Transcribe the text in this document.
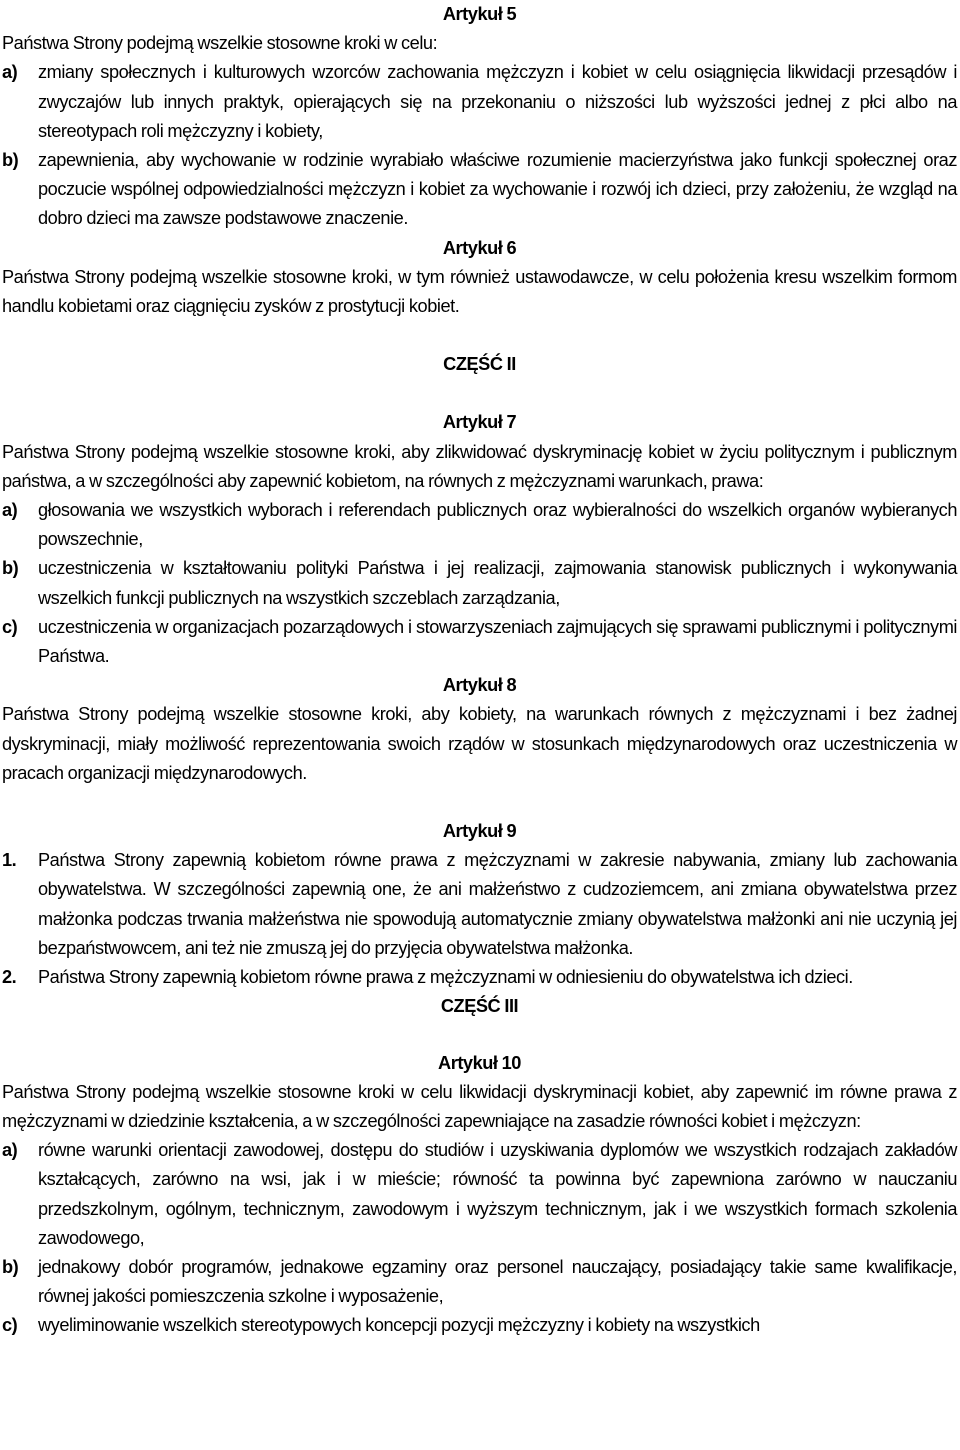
Artykuł 5

Państwa Strony podejmą wszelkie stosowne kroki w celu:

a)	zmiany społecznych i kulturowych wzorców zachowania mężczyzn i kobiet w celu osiągnięcia likwidacji przesądów i zwyczajów lub innych praktyk, opierających się na przekonaniu o niższości lub wyższości jednej z płci albo na stereotypach roli mężczyzny i kobiety,
b)	zapewnienia, aby wychowanie w rodzinie wyrabiało właściwe rozumienie macierzyństwa jako funkcji społecznej oraz poczucie wspólnej odpowiedzialności mężczyzn i kobiet za wychowanie i rozwój ich dzieci, przy założeniu, że wzgląd na dobro dzieci ma zawsze podstawowe znaczenie.

Artykuł 6

Państwa Strony podejmą wszelkie stosowne kroki, w tym również ustawodawcze, w celu położenia kresu wszelkim formom handlu kobietami oraz ciągnięciu zysków z prostytucji kobiet.

CZĘŚĆ II

Artykuł 7

Państwa Strony podejmą wszelkie stosowne kroki, aby zlikwidować dyskryminację kobiet w życiu politycznym i publicznym państwa, a w szczególności aby zapewnić kobietom, na równych z mężczyznami warunkach, prawa:

a)	głosowania we wszystkich wyborach i referendach publicznych oraz wybieralności do wszelkich organów wybieranych powszechnie,
b)	uczestniczenia w kształtowaniu polityki Państwa i jej realizacji, zajmowania stanowisk publicznych i wykonywania wszelkich funkcji publicznych na wszystkich szczeblach zarządzania,
c)	uczestniczenia w organizacjach pozarządowych i stowarzyszeniach zajmujących się sprawami publicznymi i politycznymi Państwa.

Artykuł 8

Państwa Strony podejmą wszelkie stosowne kroki, aby kobiety, na warunkach równych z mężczyznami i bez żadnej dyskryminacji, miały możliwość reprezentowania swoich rządów w stosunkach międzynarodowych oraz uczestniczenia w pracach organizacji międzynarodowych.

Artykuł 9

1.	Państwa Strony zapewnią kobietom równe prawa z mężczyznami w zakresie nabywania, zmiany lub zachowania obywatelstwa. W szczególności zapewnią one, że ani małżeństwo z cudzoziemcem, ani zmiana obywatelstwa przez małżonka podczas trwania małżeństwa nie spowodują automatycznie zmiany obywatelstwa małżonki ani nie uczynią jej bezpaństwowcem, ani też nie zmuszą jej do przyjęcia obywatelstwa małżonka.
2.	Państwa Strony zapewnią kobietom równe prawa z mężczyznami w odniesieniu do obywatelstwa ich dzieci.

CZĘŚĆ III

Artykuł 10

Państwa Strony podejmą wszelkie stosowne kroki w celu likwidacji dyskryminacji kobiet, aby zapewnić im równe prawa z mężczyznami w dziedzinie kształcenia, a w szczególności zapewniające na zasadzie równości kobiet i mężczyzn:

a)	równe warunki orientacji zawodowej, dostępu do studiów i uzyskiwania dyplomów we wszystkich rodzajach zakładów kształcących, zarówno na wsi, jak i w mieście; równość ta powinna być zapewniona zarówno w nauczaniu przedszkolnym, ogólnym, technicznym, zawodowym i wyższym technicznym, jak i we wszystkich formach szkolenia zawodowego,
b)	jednakowy dobór programów, jednakowe egzaminy oraz personel nauczający, posiadający takie same kwalifikacje, równej jakości pomieszczenia szkolne i wyposażenie,
c)	wyeliminowanie wszelkich stereotypowych koncepcji pozycji mężczyzny i kobiety na wszystkich
